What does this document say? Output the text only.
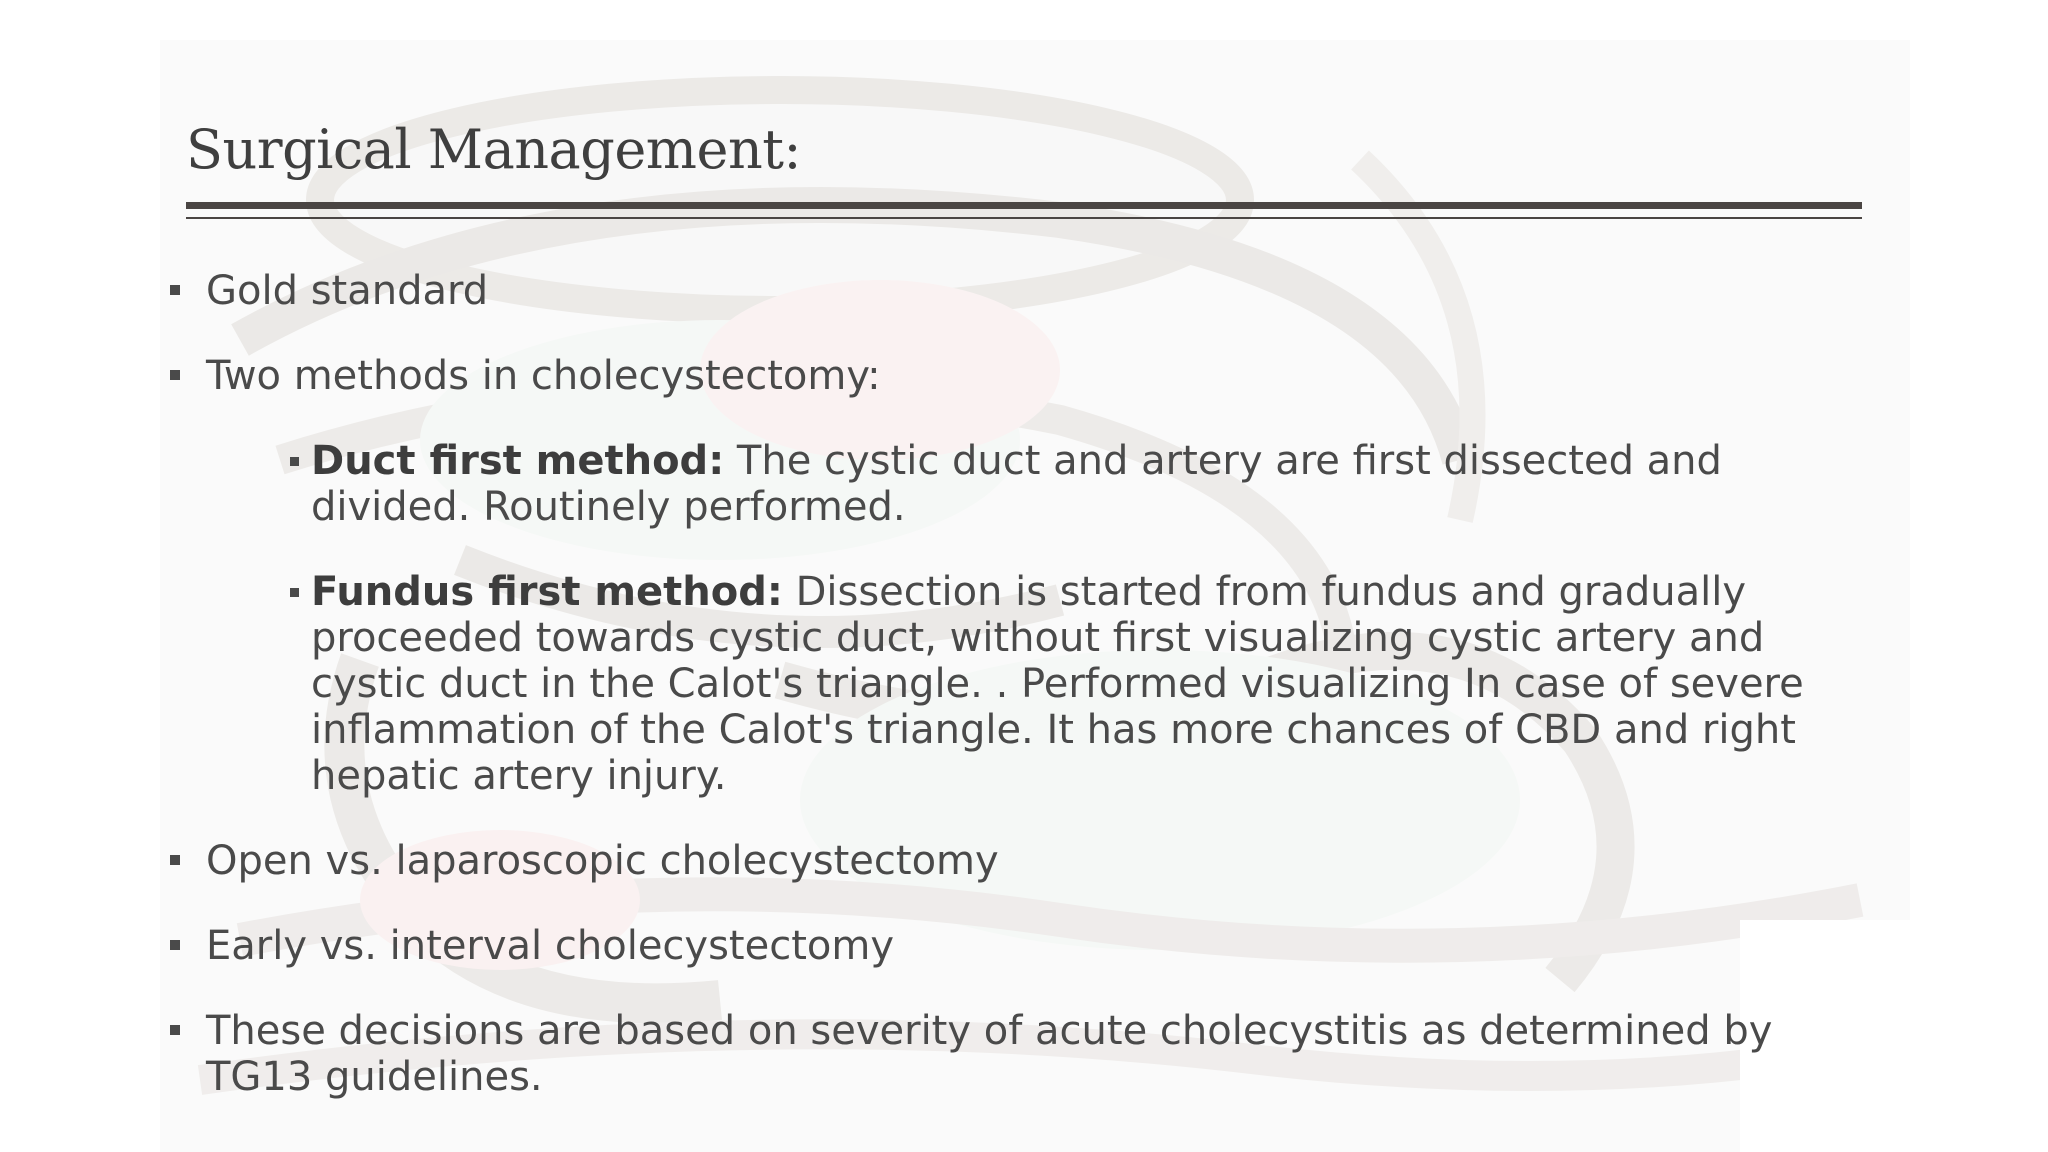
Surgical Management:
Gold standard
Two methods in cholecystectomy:
Duct first method: The cystic duct and artery are first dissected and divided. Routinely performed.
Fundus first method: Dissection is started from fundus and gradually proceeded towards cystic duct, without first visualizing cystic artery and cystic duct in the Calot's triangle. . Performed visualizing In case of severe inflammation of the Calot's triangle. It has more chances of CBD and right hepatic artery injury.
Open vs. laparoscopic cholecystectomy
Early vs. interval cholecystectomy
These decisions are based on severity of acute cholecystitis as determined by TG13 guidelines.
